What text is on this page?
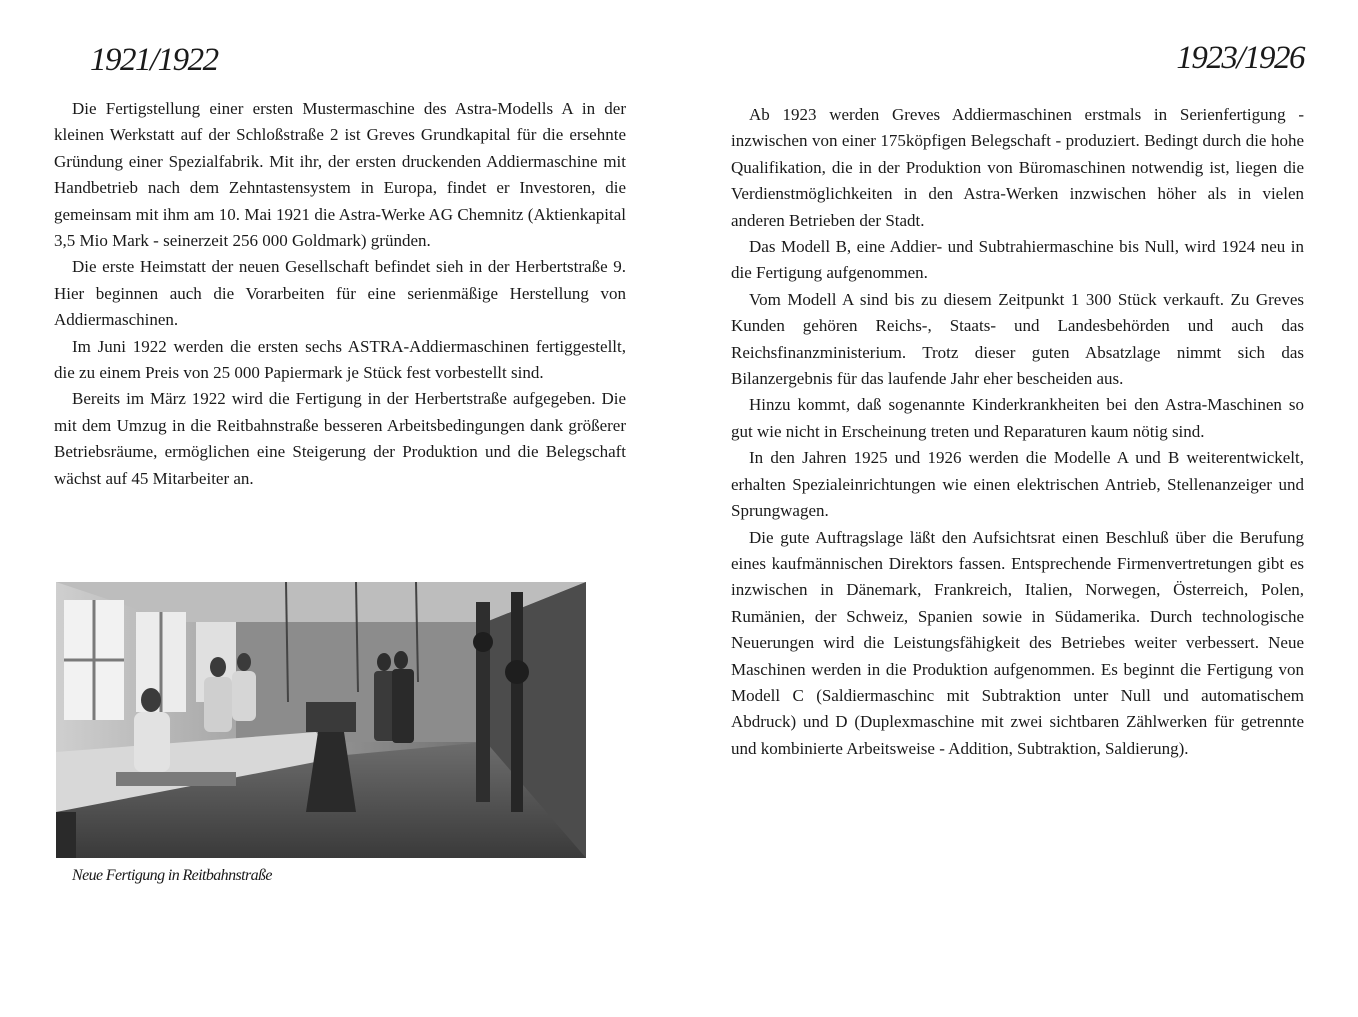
1921/1922

Die Fertigstellung einer ersten Mustermaschine des Astra-Modells A in der kleinen Werkstatt auf der Schloßstraße 2 ist Greves Grundkapital für die ersehnte Gründung einer Spezialfabrik. Mit ihr, der ersten druckenden Addiermaschine mit Handbetrieb nach dem Zehntastensystem in Europa, findet er Investoren, die gemeinsam mit ihm am 10. Mai 1921 die Astra-Werke AG Chemnitz (Aktienkapital 3,5 Mio Mark - seinerzeit 256 000 Goldmark) gründen.

Die erste Heimstatt der neuen Gesellschaft befindet sieh in der Herbertstraße 9. Hier beginnen auch die Vorarbeiten für eine serienmäßige Herstellung von Addiermaschinen.

Im Juni 1922 werden die ersten sechs ASTRA-Addiermaschinen fertiggestellt, die zu einem Preis von 25 000 Papiermark je Stück fest vorbestellt sind.

Bereits im März 1922 wird die Fertigung in der Herbertstraße aufgegeben. Die mit dem Umzug in die Reitbahnstraße besseren Arbeitsbedingungen dank größerer Betriebsräume, ermöglichen eine Steigerung der Produktion und die Belegschaft wächst auf 45 Mitarbeiter an.

Neue Fertigung in Reitbahnstraße

1923/1926

Ab 1923 werden Greves Addiermaschinen erstmals in Serienfertigung - inzwischen von einer 175köpfigen Belegschaft - produziert. Bedingt durch die hohe Qualifikation, die in der Produktion von Büromaschinen notwendig ist, liegen die Verdienstmöglichkeiten in den Astra-Werken inzwischen höher als in vielen anderen Betrieben der Stadt.

Das Modell B, eine Addier- und Subtrahiermaschine bis Null, wird 1924 neu in die Fertigung aufgenommen.

Vom Modell A sind bis zu diesem Zeitpunkt 1 300 Stück verkauft. Zu Greves Kunden gehören Reichs-, Staats- und Landesbehörden und auch das Reichsfinanzministerium. Trotz dieser guten Absatzlage nimmt sich das Bilanzergebnis für das laufende Jahr eher bescheiden aus.

Hinzu kommt, daß sogenannte Kinderkrankheiten bei den Astra-Maschinen so gut wie nicht in Erscheinung treten und Reparaturen kaum nötig sind.

In den Jahren 1925 und 1926 werden die Modelle A und B weiterentwickelt, erhalten Spezialeinrichtungen wie einen elektrischen Antrieb, Stellenanzeiger und Sprungwagen.

Die gute Auftragslage läßt den Aufsichtsrat einen Beschluß über die Berufung eines kaufmännischen Direktors fassen. Entsprechende Firmenvertretungen gibt es inzwischen in Dänemark, Frankreich, Italien, Norwegen, Österreich, Polen, Rumänien, der Schweiz, Spanien sowie in Südamerika. Durch technologische Neuerungen wird die Leistungsfähigkeit des Betriebes weiter verbessert. Neue Maschinen werden in die Produktion aufgenommen. Es beginnt die Fertigung von Modell C (Saldiermaschinc mit Subtraktion unter Null und automatischem Abdruck) und D (Duplexmaschine mit zwei sichtbaren Zählwerken für getrennte und kombinierte Arbeitsweise - Addition, Subtraktion, Saldierung).
